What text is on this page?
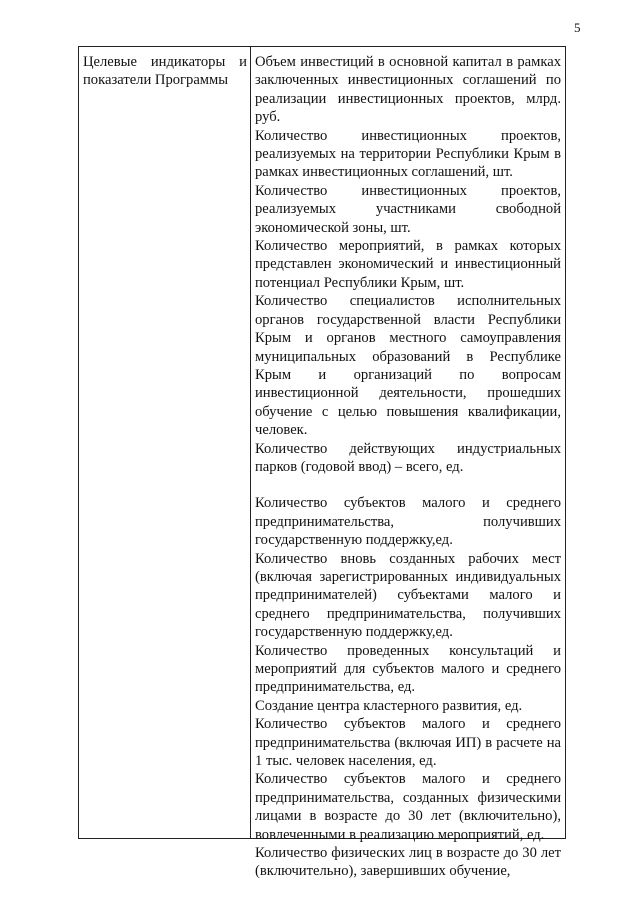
5
Целевые индикаторы и показатели Программы

Объем инвестиций в основной капитал в рамках заключенных инвестиционных соглашений по реализации инвестиционных проектов, млрд. руб.

Количество инвестиционных проектов, реализуемых на территории Республики Крым в рамках инвестиционных соглашений, шт.

Количество инвестиционных проектов, реализуемых участниками свободной экономической зоны, шт.

Количество мероприятий, в рамках которых представлен экономический и инвестиционный потенциал Республики Крым, шт.

Количество специалистов исполнительных органов государственной власти Республики Крым и органов местного самоуправления муниципальных образований в Республике Крым и организаций по вопросам инвестиционной деятельности, прошедших обучение с целью повышения квалификации, человек.

Количество действующих индустриальных парков (годовой ввод) – всего, ед.

Количество субъектов малого и среднего предпринимательства, получивших государственную поддержку,ед.

Количество вновь созданных рабочих мест (включая зарегистрированных индивидуальных предпринимателей) субъектами малого и среднего предпринимательства, получивших государственную поддержку,ед.

Количество проведенных консультаций и мероприятий для субъектов малого и среднего предпринимательства, ед.

Создание центра кластерного развития, ед.

Количество субъектов малого и среднего предпринимательства (включая ИП) в расчете на 1 тыс. человек населения, ед.

Количество субъектов малого и среднего предпринимательства, созданных физическими лицами в возрасте до 30 лет (включительно), вовлеченными в реализацию мероприятий, ед.

Количество физических лиц в возрасте до 30 лет (включительно), завершивших обучение,
